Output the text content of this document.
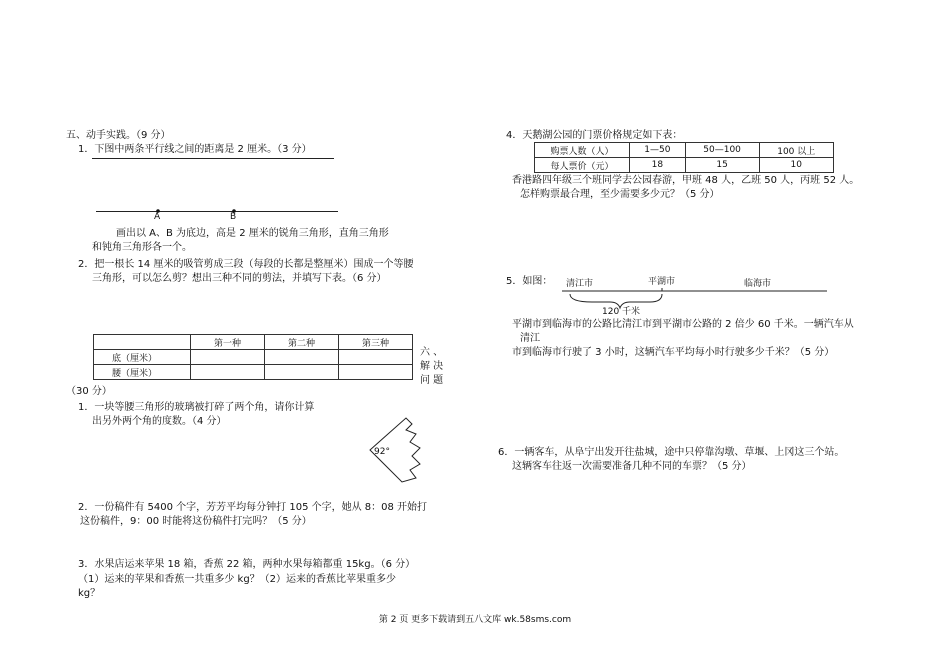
五、动手实践。（9 分）
1．下图中两条平行线之间的距离是 2 厘米。（3 分）
A	B
画出以 A、B 为底边，高是 2 厘米的锐角三角形，直角三角形
和钝角三角形各一个。
2．把一根长 14 厘米的吸管剪成三段（每段的长都是整厘米）围成一个等腰
三角形，可以怎么剪？想出三种不同的剪法，并填写下表。（6 分）
	第一种	第二种	第三种
底（厘米）			
腰（厘米）			
六 、
解 决
问 题
（30 分）
1．一块等腰三角形的玻璃被打碎了两个角，请你计算
出另外两个角的度数。（4 分）
92°
2．一份稿件有 5400 个字，芳芳平均每分钟打 105 个字，她从 8：08 开始打
这份稿件，9：00 时能将这份稿件打完吗？（5 分）
3．水果店运来苹果 18 箱，香蕉 22 箱，两种水果每箱都重 15kg。（6 分）
（1）运来的苹果和香蕉一共重多少 kg？（2）运来的香蕉比苹果重多少
kg？
4．天鹅湖公园的门票价格规定如下表：
购票人数（人）	1—50	50—100	100 以上
每人票价（元）	18	15	10
香港路四年级三个班同学去公园春游，甲班 48 人，乙班 50 人，丙班 52 人。
怎样购票最合理，至少需要多少元？（5 分）
5．如图： 清江市	平湖市	临海市
120 千米
平湖市到临海市的公路比清江市到平湖市公路的 2 倍少 60 千米。一辆汽车从
清江
市到临海市行驶了 3 小时，这辆汽车平均每小时行驶多少千米？（5 分）
6．一辆客车，从阜宁出发开往盐城，途中只停靠沟墩、草堰、上冈这三个站。
这辆客车往返一次需要准备几种不同的车票？（5 分）
第 2 页 更多下载请到五八文库 wk.58sms.com
